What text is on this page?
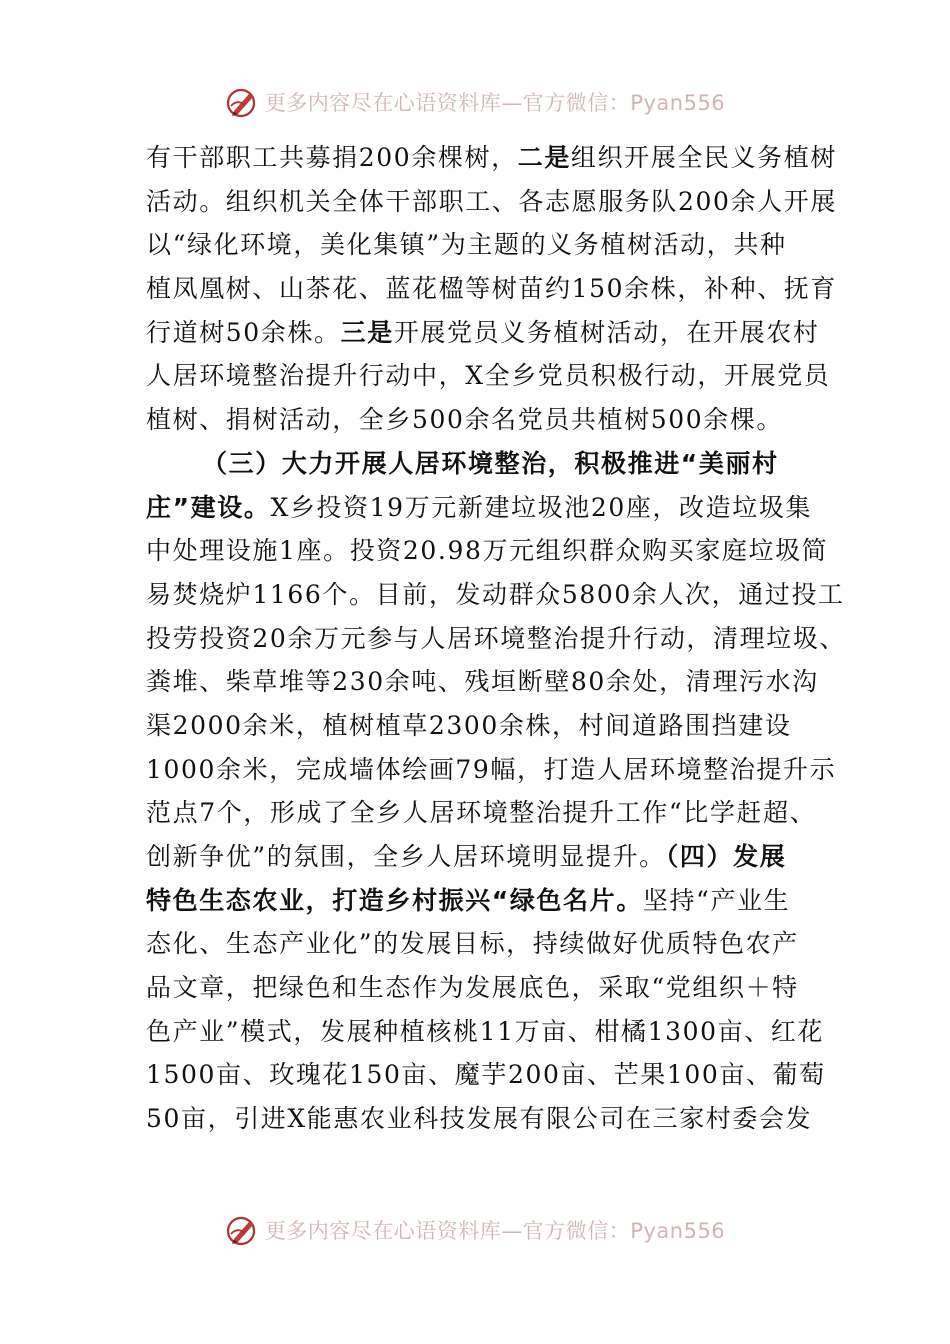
更多内容尽在心语资料库—官方微信：Pyan556
有干部职工共募捐200余棵树，二是组织开展全民义务植树
活动。组织机关全体干部职工、各志愿服务队200余人开展
以“绿化环境，美化集镇”为主题的义务植树活动，共种
植凤凰树、山茶花、蓝花楹等树苗约150余株，补种、抚育
行道树50余株。三是开展党员义务植树活动，在开展农村
人居环境整治提升行动中，X全乡党员积极行动，开展党员
植树、捐树活动，全乡500余名党员共植树500余棵。
（三）大力开展人居环境整治，积极推进“美丽村
庄”建设。X乡投资19万元新建垃圾池20座，改造垃圾集
中处理设施1座。投资20.98万元组织群众购买家庭垃圾简
易焚烧炉1166个。目前，发动群众5800余人次，通过投工
投劳投资20余万元参与人居环境整治提升行动，清理垃圾、
粪堆、柴草堆等230余吨、残垣断壁80余处，清理污水沟
渠2000余米，植树植草2300余株，村间道路围挡建设
1000余米，完成墙体绘画79幅，打造人居环境整治提升示
范点7个，形成了全乡人居环境整治提升工作“比学赶超、
创新争优”的氛围，全乡人居环境明显提升。（四）发展
特色生态农业，打造乡村振兴“绿色名片。坚持“产业生
态化、生态产业化”的发展目标，持续做好优质特色农产
品文章，把绿色和生态作为发展底色，采取“党组织＋特
色产业”模式，发展种植核桃11万亩、柑橘1300亩、红花
1500亩、玫瑰花150亩、魔芋200亩、芒果100亩、葡萄
50亩，引进X能惠农业科技发展有限公司在三家村委会发
更多内容尽在心语资料库—官方微信：Pyan556
